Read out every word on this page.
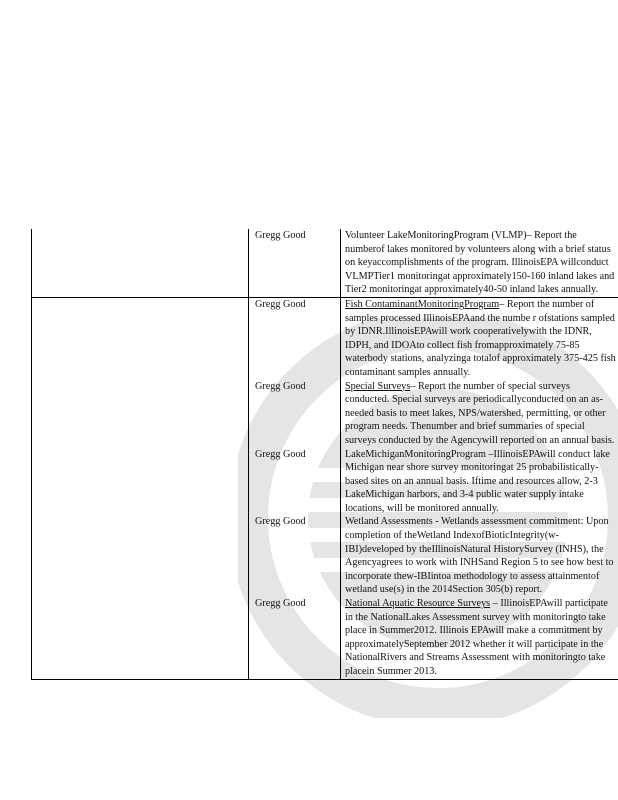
	Gregg Good	Volunteer LakeMonitoringProgram (VLMP)– Report the numberof lakes monitored by volunteers along with a brief status on keyaccomplishments of the program. IllinoisEPA willconduct VLMPTier1 monitoringat approximately150-160 inland lakes and Tier2 monitoringat approximately40-50 inland lakes annually.

	Gregg Good	Fish ContaminantMonitoringProgram– Report the number of samples processed IllinoisEPAand the numbe r ofstations sampled by IDNR.IllinoisEPAwill work cooperativelywith the IDNR, IDPH, and IDOAto collect fish fromapproximately 75-85 waterbody stations, analyzinga totalof approximately 375-425 fish contaminant samples annually.

	Gregg Good	Special Surveys– Report the number of special surveys conducted. Special surveys are periodicallyconducted on an as-needed basis to meet lakes, NPS/watershed, permitting, or other program needs. Thenumber and brief summaries of special surveys conducted by the Agencywill reported on an annual basis.

	Gregg Good	LakeMichiganMonitoringProgram –IllinoisEPAwill conduct lake Michigan near shore survey monitoringat 25 probabilistically-based sites on an annual basis. Iftime and resources allow, 2-3 LakeMichigan harbors, and 3-4 public water supply intake locations, will be monitored annually.

	Gregg Good	Wetland Assessments - Wetlands assessment commitment: Upon completion of theWetland IndexofBioticIntegrity(w-IBI)developed by theIllinoisNatural HistorySurvey (INHS), the Agencyagrees to work with INHSand Region 5 to see how best to incorporate thew-IBIintoa methodology to assess attainmentof wetland use(s) in the 2014Section 305(b) report.

	Gregg Good	National Aquatic Resource Surveys – IllinoisEPAwill participate in the NationalLakes Assessment survey with monitoringto take place in Summer2012. Illinois EPAwill make a commitment by approximatelySeptember 2012 whether it will participate in the NationalRivers and Streams Assessment with monitoringto take placein Summer 2013.
